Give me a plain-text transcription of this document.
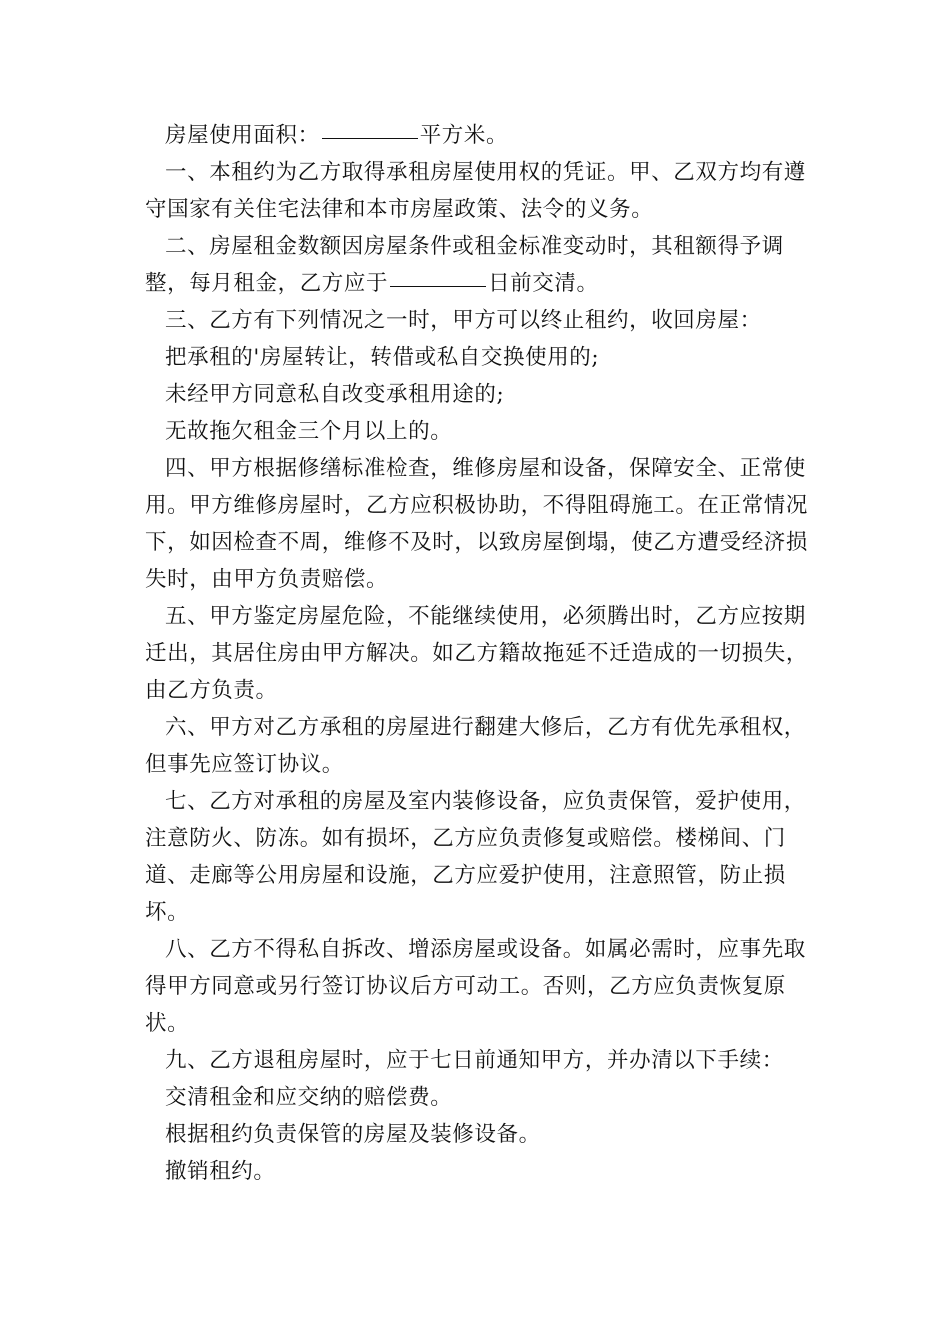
房屋使用面积：	平方米。

一、本租约为乙方取得承租房屋使用权的凭证。甲、乙双方均有遵守国家有关住宅法律和本市房屋政策、法令的义务。

二、房屋租金数额因房屋条件或租金标准变动时，其租额得予调整，每月租金，乙方应于	日前交清。

三、乙方有下列情况之一时，甲方可以终止租约，收回房屋：

把承租的'房屋转让，转借或私自交换使用的;

未经甲方同意私自改变承租用途的;

无故拖欠租金三个月以上的。

四、甲方根据修缮标准检查，维修房屋和设备，保障安全、正常使用。甲方维修房屋时，乙方应积极协助，不得阻碍施工。在正常情况下，如因检查不周，维修不及时，以致房屋倒塌，使乙方遭受经济损失时，由甲方负责赔偿。

五、甲方鉴定房屋危险，不能继续使用，必须腾出时，乙方应按期迁出，其居住房由甲方解决。如乙方籍故拖延不迁造成的一切损失，由乙方负责。

六、甲方对乙方承租的房屋进行翻建大修后，乙方有优先承租权，但事先应签订协议。

七、乙方对承租的房屋及室内装修设备，应负责保管，爱护使用，注意防火、防冻。如有损坏，乙方应负责修复或赔偿。楼梯间、门道、走廊等公用房屋和设施，乙方应爱护使用，注意照管，防止损坏。

八、乙方不得私自拆改、增添房屋或设备。如属必需时，应事先取得甲方同意或另行签订协议后方可动工。否则，乙方应负责恢复原状。

九、乙方退租房屋时，应于七日前通知甲方，并办清以下手续：

交清租金和应交纳的赔偿费。

根据租约负责保管的房屋及装修设备。

撤销租约。
